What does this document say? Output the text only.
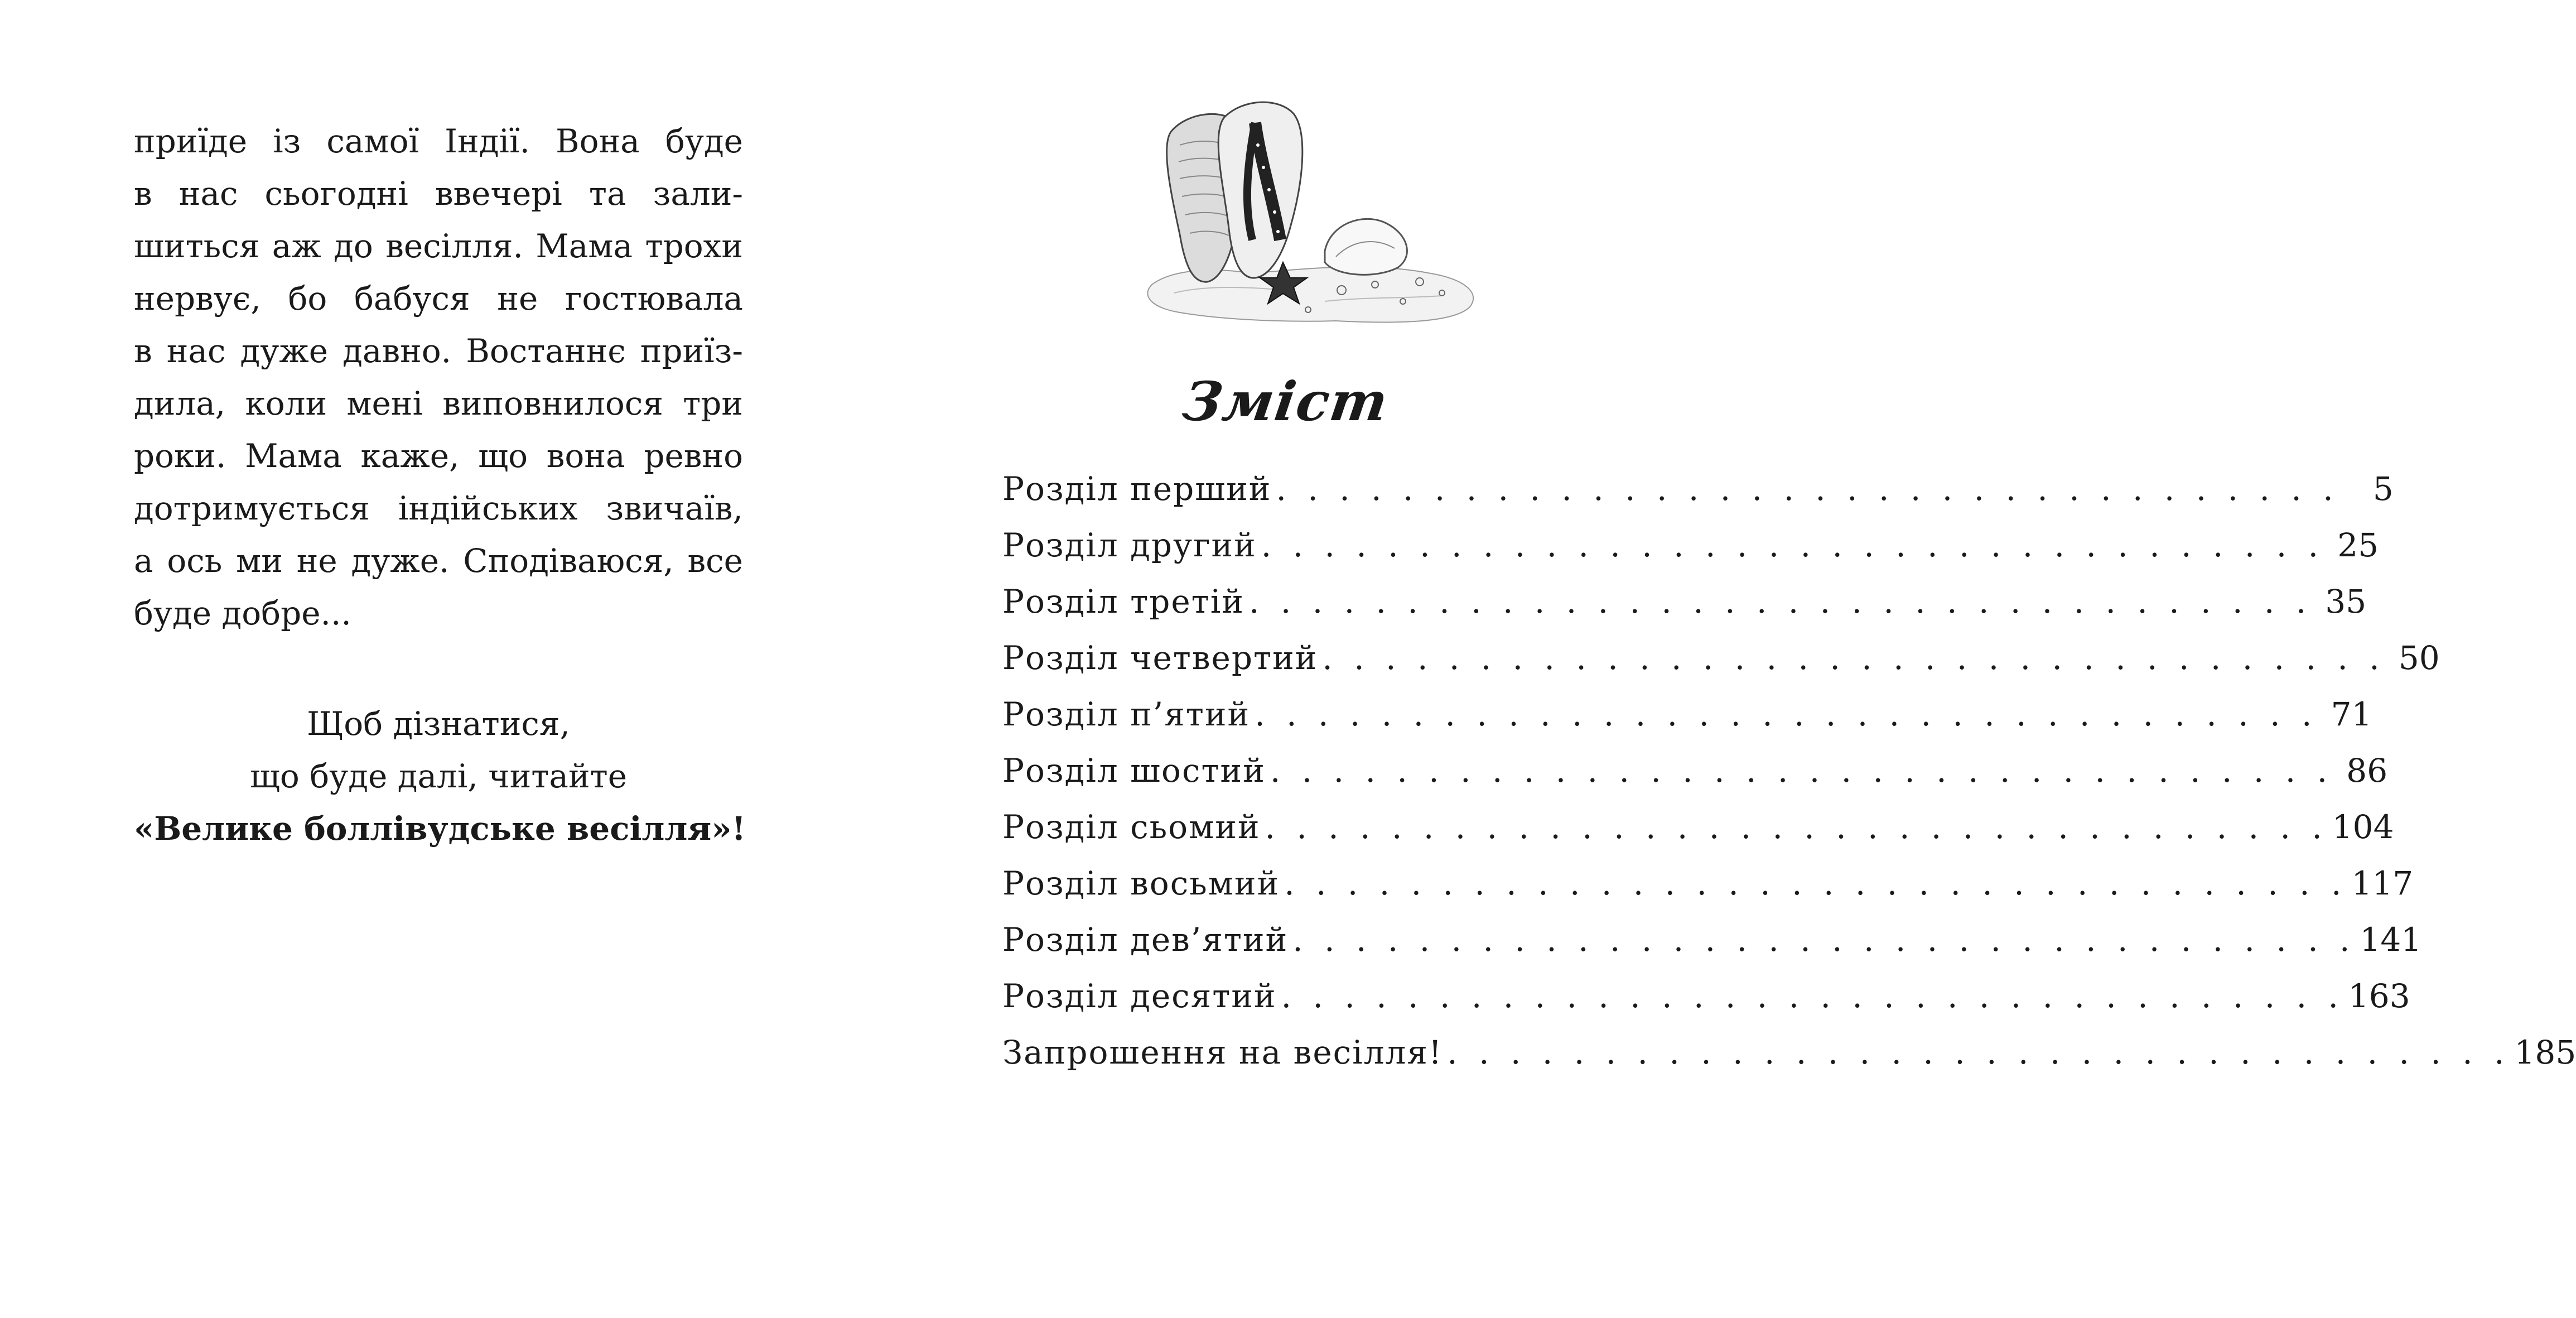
приїде із самої Індії. Вона буде
в нас сьогодні ввечері та зали-
шиться аж до весілля. Мама трохи
нервує, бо бабуся не гостювала
в нас дуже давно. Востаннє приїз-
дила, коли мені виповнилося три
роки. Мама каже, що вона ревно
дотримується індійських звичаїв,
а ось ми не дуже. Сподіваюся, все
буде добре...
Щоб дізнатися,
що буде далі, читайте
«Велике боллівудське весілля»!
Зміст
Розділ перший . . . . . . . . . . . . . . . . . . . . . . . . . . . . . . . . . .	5
Розділ другий . . . . . . . . . . . . . . . . . . . . . . . . . . . . . . . . . . 25
Розділ третій . . . . . . . . . . . . . . . . . . . . . . . . . . . . . . . . . . 35
Розділ четвертий . . . . . . . . . . . . . . . . . . . . . . . . . . . . . . . . . . 50
Розділ п’ятий . . . . . . . . . . . . . . . . . . . . . . . . . . . . . . . . . . 71
Розділ шостий . . . . . . . . . . . . . . . . . . . . . . . . . . . . . . . . . . 86
Розділ сьомий . . . . . . . . . . . . . . . . . . . . . . . . . . . . . . . . . . 104
Розділ восьмий . . . . . . . . . . . . . . . . . . . . . . . . . . . . . . . . . . 117
Розділ дев’ятий . . . . . . . . . . . . . . . . . . . . . . . . . . . . . . . . . . 141
Розділ десятий . . . . . . . . . . . . . . . . . . . . . . . . . . . . . . . . . . 163
Запрошення на весілля! . . . . . . . . . . . . . . . . . . . . . . . . . . . . . . . . . . 185
